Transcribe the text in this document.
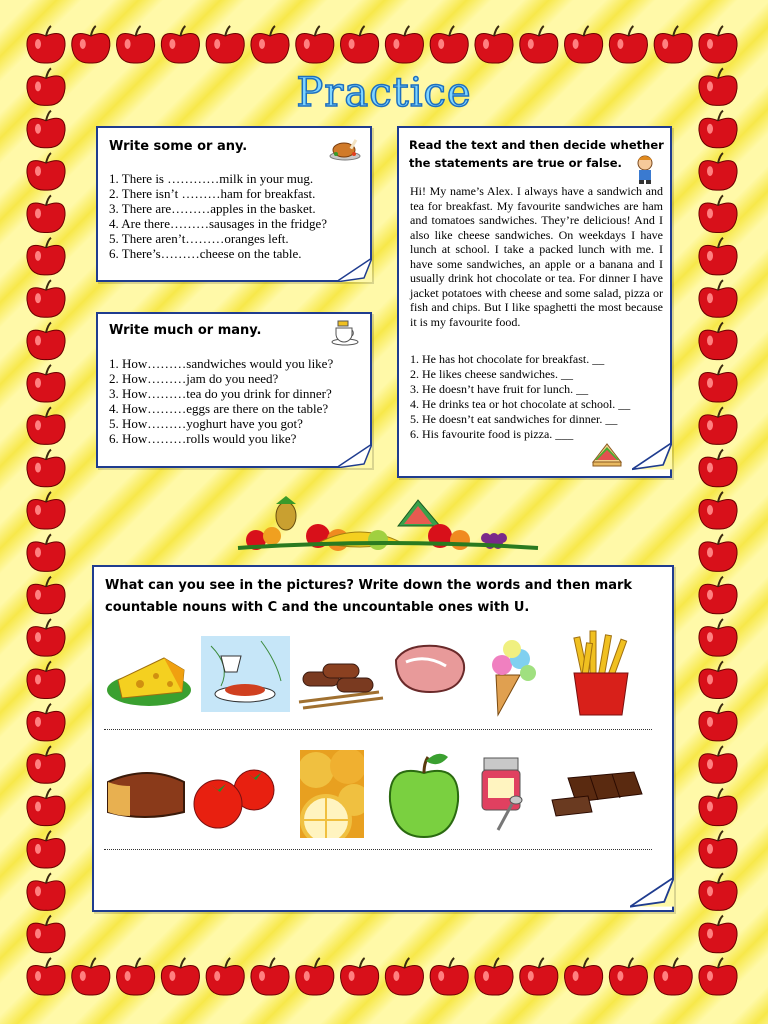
Practice
Write some or any.
1. There is …………milk in your mug.
2. There isn’t ………ham for breakfast.
3. There are………apples in the basket.
4. Are there………sausages in the fridge?
5. There aren’t………oranges left.
6. There’s………cheese on the table.
Write much or many.
1. How………sandwiches would you like?
2. How………jam do you need?
3. How………tea do you drink for dinner?
4. How………eggs are there on the table?
5. How………yoghurt have you got?
6. How………rolls would you like?
Read the text and then decide whether
the statements are true or false.
Hi! My name’s Alex. I always have a sandwich and tea for breakfast. My favourite sandwiches are ham and tomatoes sandwiches. They’re delicious! And I also like cheese sandwiches. On weekdays I have lunch at school. I take a packed lunch with me. I have some sandwiches, an apple or a banana and I usually drink hot chocolate or tea. For dinner I have jacket potatoes with cheese and some salad, pizza or fish and chips. But I like spaghetti the most because it is my favourite food.
1. He has hot chocolate for breakfast. __
2. He likes cheese sandwiches. __
3. He doesn’t have fruit for lunch. __
4. He drinks tea or hot chocolate at school. __
5. He doesn’t eat sandwiches for dinner. __
6. His favourite food is pizza. ___
What can you see in the pictures? Write down the words and then mark
countable nouns with C and the uncountable ones with U.
